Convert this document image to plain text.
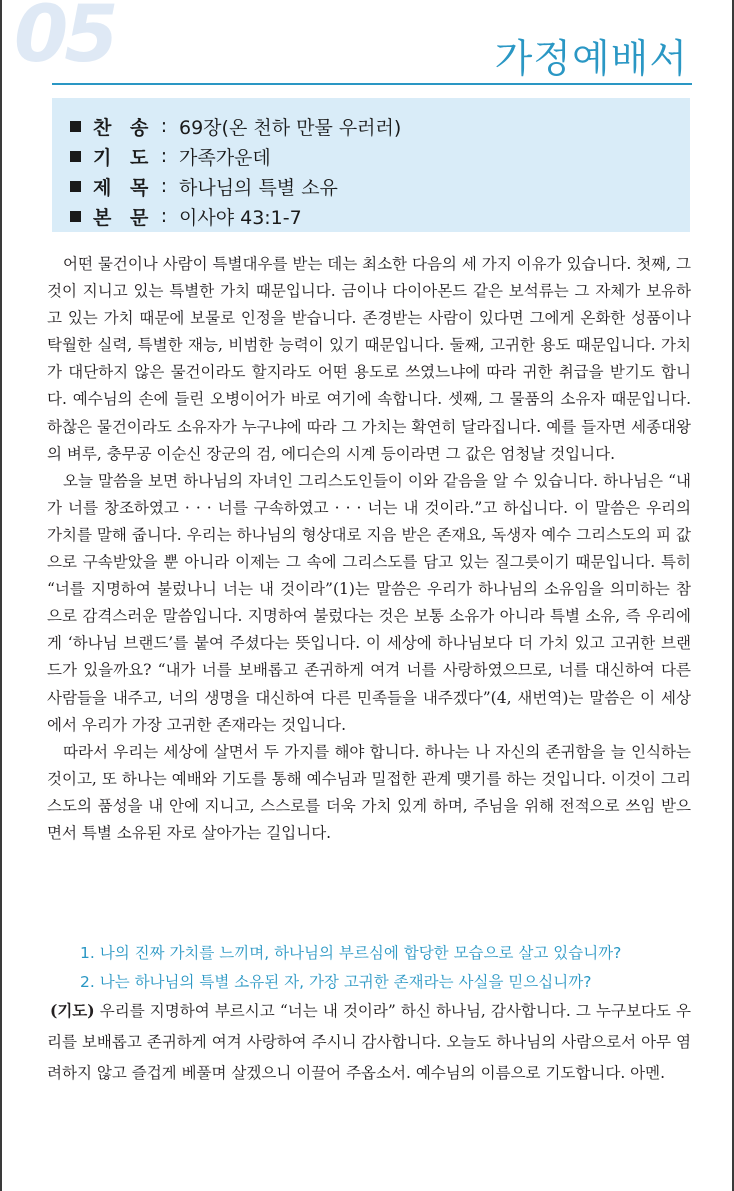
05	가정예배서
찬 송 : 69장(온 천하 만물 우러러)
기 도 : 가족가운데
제 목 : 하나님의 특별 소유
본 문 : 이사야 43:1-7

어떤 물건이나 사람이 특별대우를 받는 데는 최소한 다음의 세 가지 이유가 있습니다. 첫째, 그것이 지니고 있는 특별한 가치 때문입니다. 금이나 다이아몬드 같은 보석류는 그 자체가 보유하고 있는 가치 때문에 보물로 인정을 받습니다. 존경받는 사람이 있다면 그에게 온화한 성품이나 탁월한 실력, 특별한 재능, 비범한 능력이 있기 때문입니다. 둘째, 고귀한 용도 때문입니다. 가치가 대단하지 않은 물건이라도 할지라도 어떤 용도로 쓰였느냐에 따라 귀한 취급을 받기도 합니다. 예수님의 손에 들린 오병이어가 바로 여기에 속합니다. 셋째, 그 물품의 소유자 때문입니다. 하찮은 물건이라도 소유자가 누구냐에 따라 그 가치는 확연히 달라집니다. 예를 들자면 세종대왕의 벼루, 충무공 이순신 장군의 검, 에디슨의 시계 등이라면 그 값은 엄청날 것입니다.

오늘 말씀을 보면 하나님의 자녀인 그리스도인들이 이와 같음을 알 수 있습니다. 하나님은 “내가 너를 창조하였고 · · · 너를 구속하였고 · · · 너는 내 것이라.”고 하십니다. 이 말씀은 우리의 가치를 말해 줍니다. 우리는 하나님의 형상대로 지음 받은 존재요, 독생자 예수 그리스도의 피 값으로 구속받았을 뿐 아니라 이제는 그 속에 그리스도를 담고 있는 질그릇이기 때문입니다. 특히 “너를 지명하여 불렀나니 너는 내 것이라”(1)는 말씀은 우리가 하나님의 소유임을 의미하는 참으로 감격스러운 말씀입니다. 지명하여 불렀다는 것은 보통 소유가 아니라 특별 소유, 즉 우리에게 ‘하나님 브랜드’를 붙여 주셨다는 뜻입니다. 이 세상에 하나님보다 더 가치 있고 고귀한 브랜드가 있을까요? “내가 너를 보배롭고 존귀하게 여겨 너를 사랑하였으므로, 너를 대신하여 다른 사람들을 내주고, 너의 생명을 대신하여 다른 민족들을 내주겠다”(4, 새번역)는 말씀은 이 세상에서 우리가 가장 고귀한 존재라는 것입니다.

따라서 우리는 세상에 살면서 두 가지를 해야 합니다. 하나는 나 자신의 존귀함을 늘 인식하는 것이고, 또 하나는 예배와 기도를 통해 예수님과 밀접한 관계 맺기를 하는 것입니다. 이것이 그리스도의 품성을 내 안에 지니고, 스스로를 더욱 가치 있게 하며, 주님을 위해 전적으로 쓰임 받으면서 특별 소유된 자로 살아가는 길입니다.

1. 나의 진짜 가치를 느끼며, 하나님의 부르심에 합당한 모습으로 살고 있습니까?
2. 나는 하나님의 특별 소유된 자, 가장 고귀한 존재라는 사실을 믿으십니까?
(기도) 우리를 지명하여 부르시고 “너는 내 것이라” 하신 하나님, 감사합니다. 그 누구보다도 우리를 보배롭고 존귀하게 여겨 사랑하여 주시니 감사합니다. 오늘도 하나님의 사람으로서 아무 염려하지 않고 즐겁게 베풀며 살겠으니 이끌어 주옵소서. 예수님의 이름으로 기도합니다. 아멘.
